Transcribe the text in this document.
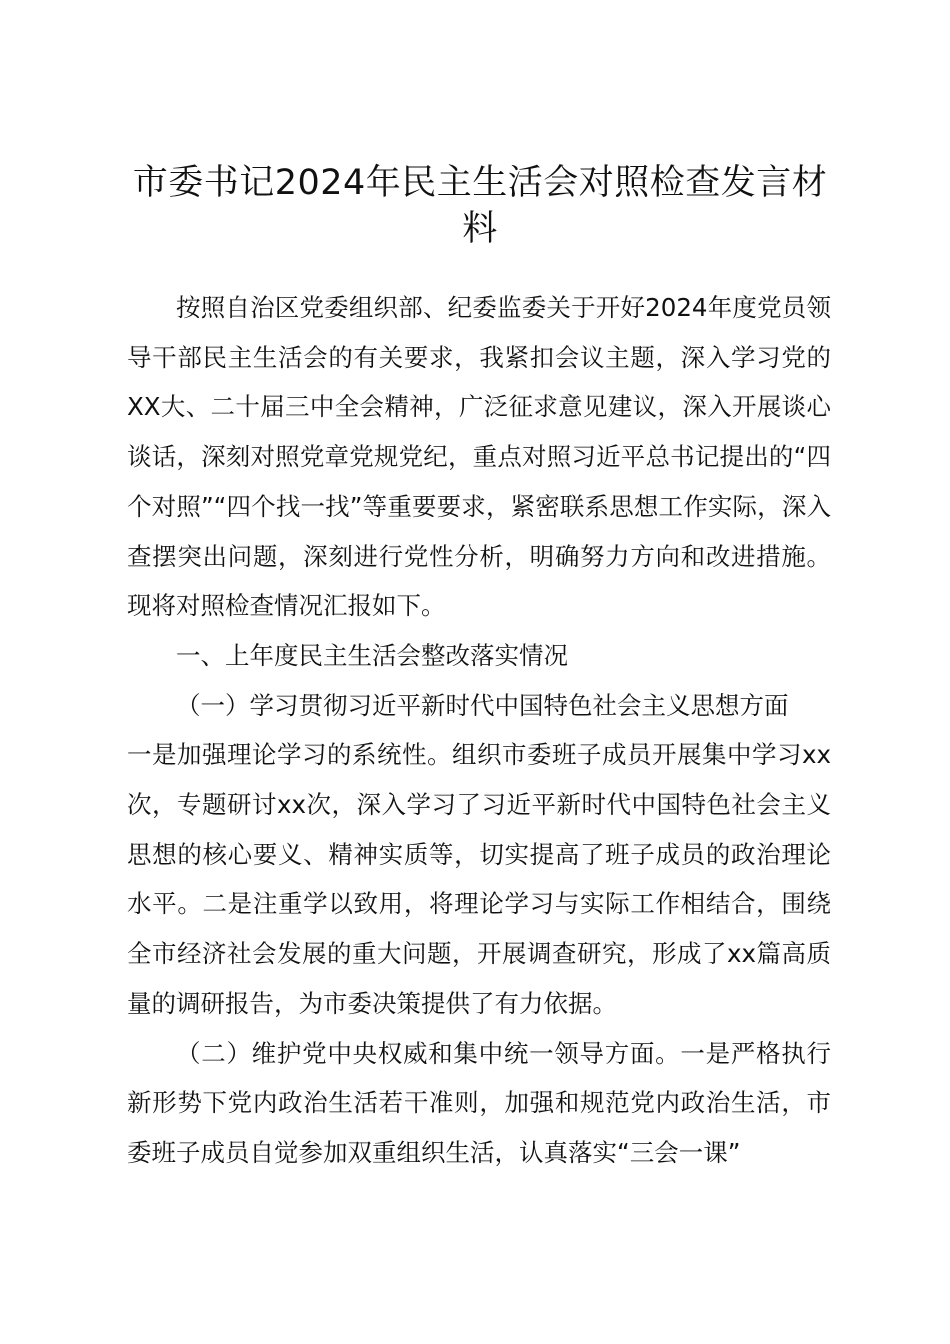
市委书记2024年民主生活会对照检查发言材料

按照自治区党委组织部、纪委监委关于开好2024年度党员领导干部民主生活会的有关要求，我紧扣会议主题，深入学习党的XX大、二十届三中全会精神，广泛征求意见建议，深入开展谈心谈话，深刻对照党章党规党纪，重点对照习近平总书记提出的“四个对照”“四个找一找”等重要要求，紧密联系思想工作实际，深入查摆突出问题，深刻进行党性分析，明确努力方向和改进措施。现将对照检查情况汇报如下。

一、上年度民主生活会整改落实情况

（一）学习贯彻习近平新时代中国特色社会主义思想方面

一是加强理论学习的系统性。组织市委班子成员开展集中学习xx次，专题研讨xx次，深入学习了习近平新时代中国特色社会主义思想的核心要义、精神实质等，切实提高了班子成员的政治理论水平。二是注重学以致用，将理论学习与实际工作相结合，围绕全市经济社会发展的重大问题，开展调查研究，形成了xx篇高质量的调研报告，为市委决策提供了有力依据。

（二）维护党中央权威和集中统一领导方面。一是严格执行新形势下党内政治生活若干准则，加强和规范党内政治生活，市委班子成员自觉参加双重组织生活，认真落实“三会一课”
